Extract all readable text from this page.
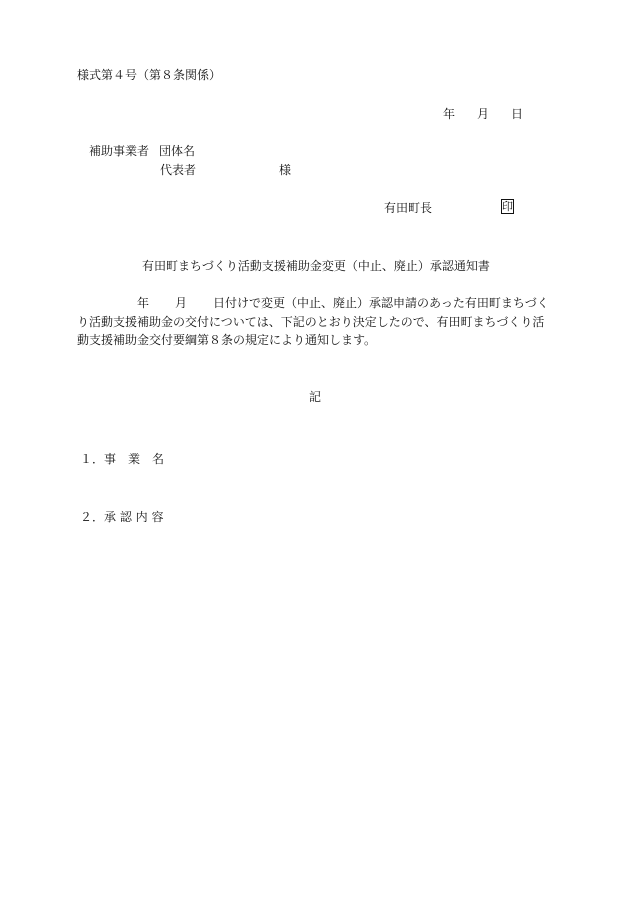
様式第４号（第８条関係）
年 月 日
補助事業者 団体名
代表者	様
有田町長	印
有田町まちづくり活動支援補助金変更（中止、廃止）承認通知書
年 月 日付けで変更（中止、廃止）承認申請のあった有田町まちづくり活動支援補助金の交付については、下記のとおり決定したので、有田町まちづくり活動支援補助金交付要綱第８条の規定により通知します。
記
１．事　業　名
２．承 認 内 容
